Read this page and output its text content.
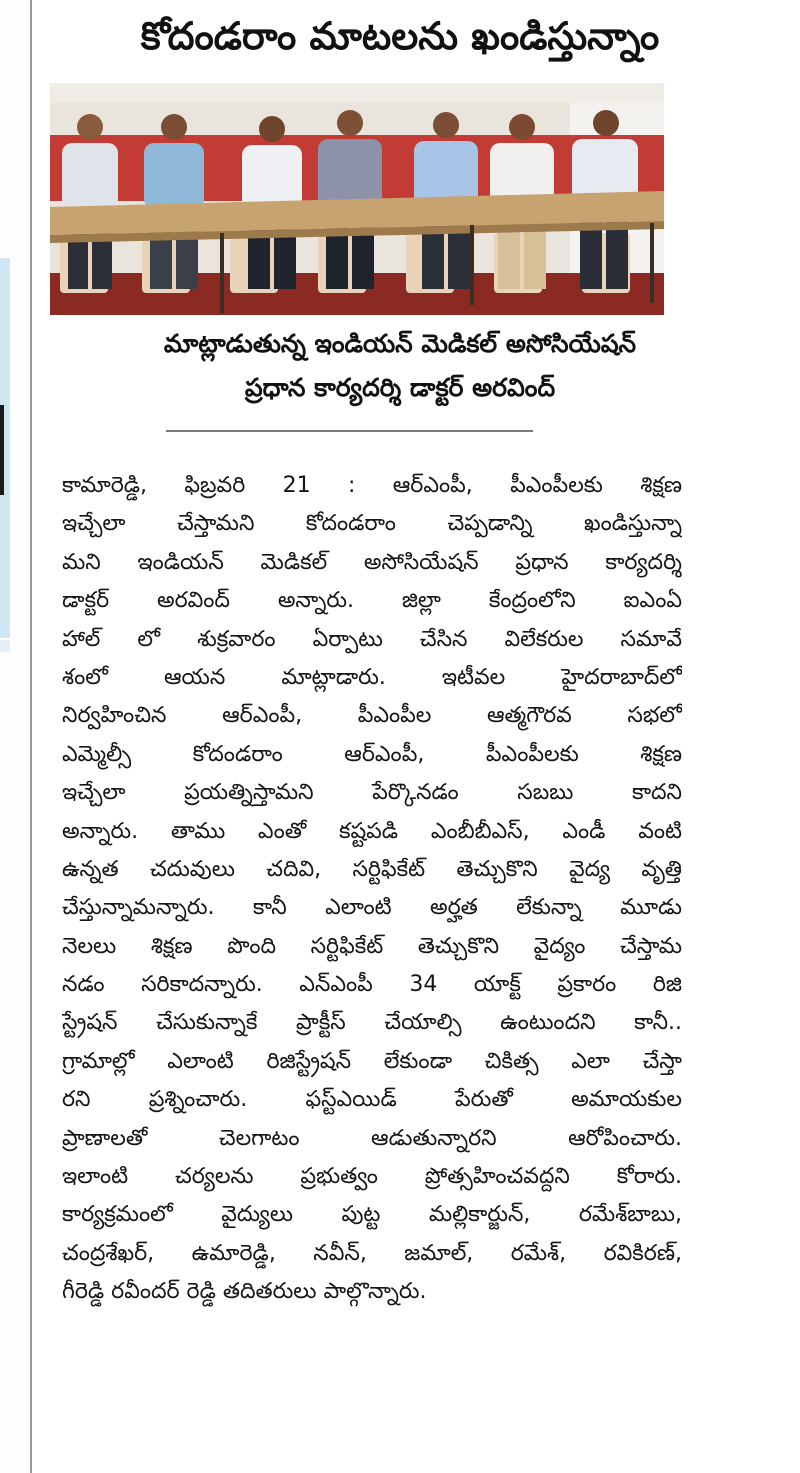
కోదండరాం మాటలను ఖండిస్తున్నాం
మాట్లాడుతున్న ఇండియన్ మెడికల్ అసోసియేషన్
ప్రధాన కార్యదర్శి డాక్టర్ అరవింద్
కామారెడ్డి, ఫిబ్రవరి 21 : ఆర్ఎంపీ, పీఎంపీలకు శిక్షణ
ఇచ్చేలా చేస్తామని కోదండరాం చెప్పడాన్ని ఖండిస్తున్నా
మని ఇండియన్ మెడికల్ అసోసియేషన్ ప్రధాన కార్యదర్శి
డాక్టర్ అరవింద్ అన్నారు. జిల్లా కేంద్రంలోని ఐఎంఏ
హాల్ లో శుక్రవారం ఏర్పాటు చేసిన విలేకరుల సమావే
శంలో ఆయన మాట్లాడారు. ఇటీవల హైదరాబాద్‌లో
నిర్వహించిన ఆర్ఎంపీ, పీఎంపీల ఆత్మగౌరవ సభలో
ఎమ్మెల్సీ కోదండరాం ఆర్ఎంపీ, పీఎంపీలకు శిక్షణ
ఇచ్చేలా ప్రయత్నిస్తామని పేర్కొనడం సబబు కాదని
అన్నారు. తాము ఎంతో కష్టపడి ఎంబీబీఎస్, ఎండీ వంటి
ఉన్నత చదువులు చదివి, సర్టిఫికేట్ తెచ్చుకొని వైద్య వృత్తి
చేస్తున్నామన్నారు. కానీ ఎలాంటి అర్హత లేకున్నా మూడు
నెలలు శిక్షణ పొంది సర్టిఫికేట్ తెచ్చుకొని వైద్యం చేస్తామ
నడం సరికాదన్నారు. ఎన్ఎంపీ 34 యాక్ట్ ప్రకారం రిజి
స్ట్రేషన్ చేసుకున్నాకే ప్రాక్టీస్ చేయాల్సి ఉంటుందని కానీ..
గ్రామాల్లో ఎలాంటి రిజిస్ట్రేషన్ లేకుండా చికిత్స ఎలా చేస్తా
రని ప్రశ్నించారు. ఫస్ట్‌ఎయిడ్ పేరుతో అమాయకుల
ప్రాణాలతో చెలగాటం ఆడుతున్నారని ఆరోపించారు.
ఇలాంటి చర్యలను ప్రభుత్వం ప్రోత్సహించవద్దని కోరారు.
కార్యక్రమంలో వైద్యులు పుట్ట మల్లికార్జున్, రమేశ్‌బాబు,
చంద్రశేఖర్, ఉమారెడ్డి, నవీన్, జమాల్, రమేశ్, రవికిరణ్,
గీరెడ్డి రవీందర్ రెడ్డి తదితరులు పాల్గొన్నారు.
